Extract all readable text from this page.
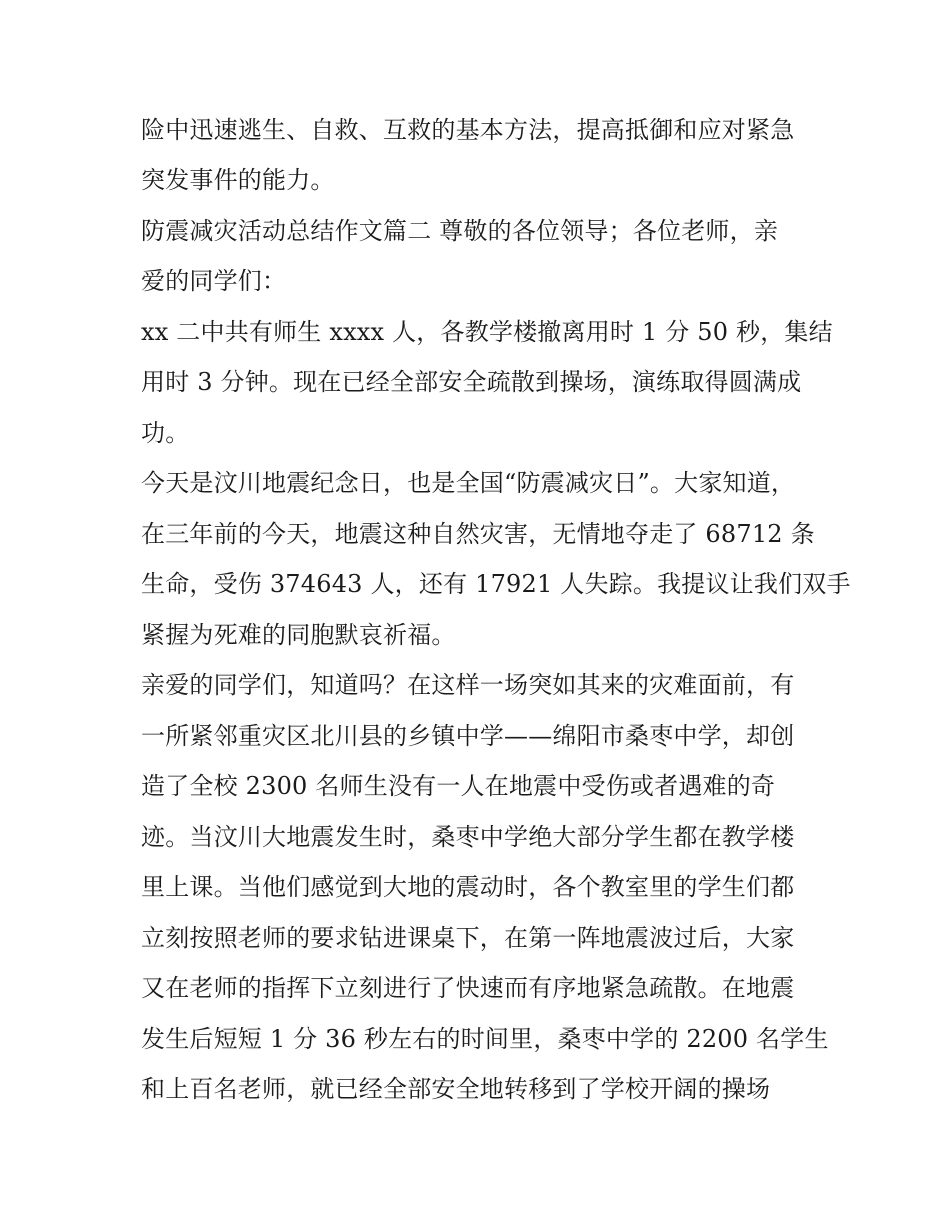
险中迅速逃生、自救、互救的基本方法，提高抵御和应对紧急
突发事件的能力。
防震减灾活动总结作文篇二 尊敬的各位领导；各位老师，亲
爱的同学们：
xx 二中共有师生 xxxx 人，各教学楼撤离用时 1 分 50 秒，集结
用时 3 分钟。现在已经全部安全疏散到操场，演练取得圆满成
功。
今天是汶川地震纪念日，也是全国“防震减灾日”。大家知道，
在三年前的今天，地震这种自然灾害，无情地夺走了 68712 条
生命，受伤 374643 人，还有 17921 人失踪。我提议让我们双手
紧握为死难的同胞默哀祈福。
亲爱的同学们，知道吗？在这样一场突如其来的灾难面前，有
一所紧邻重灾区北川县的乡镇中学——绵阳市桑枣中学，却创
造了全校 2300 名师生没有一人在地震中受伤或者遇难的奇
迹。当汶川大地震发生时，桑枣中学绝大部分学生都在教学楼
里上课。当他们感觉到大地的震动时，各个教室里的学生们都
立刻按照老师的要求钻进课桌下，在第一阵地震波过后，大家
又在老师的指挥下立刻进行了快速而有序地紧急疏散。在地震
发生后短短 1 分 36 秒左右的时间里，桑枣中学的 2200 名学生
和上百名老师，就已经全部安全地转移到了学校开阔的操场
